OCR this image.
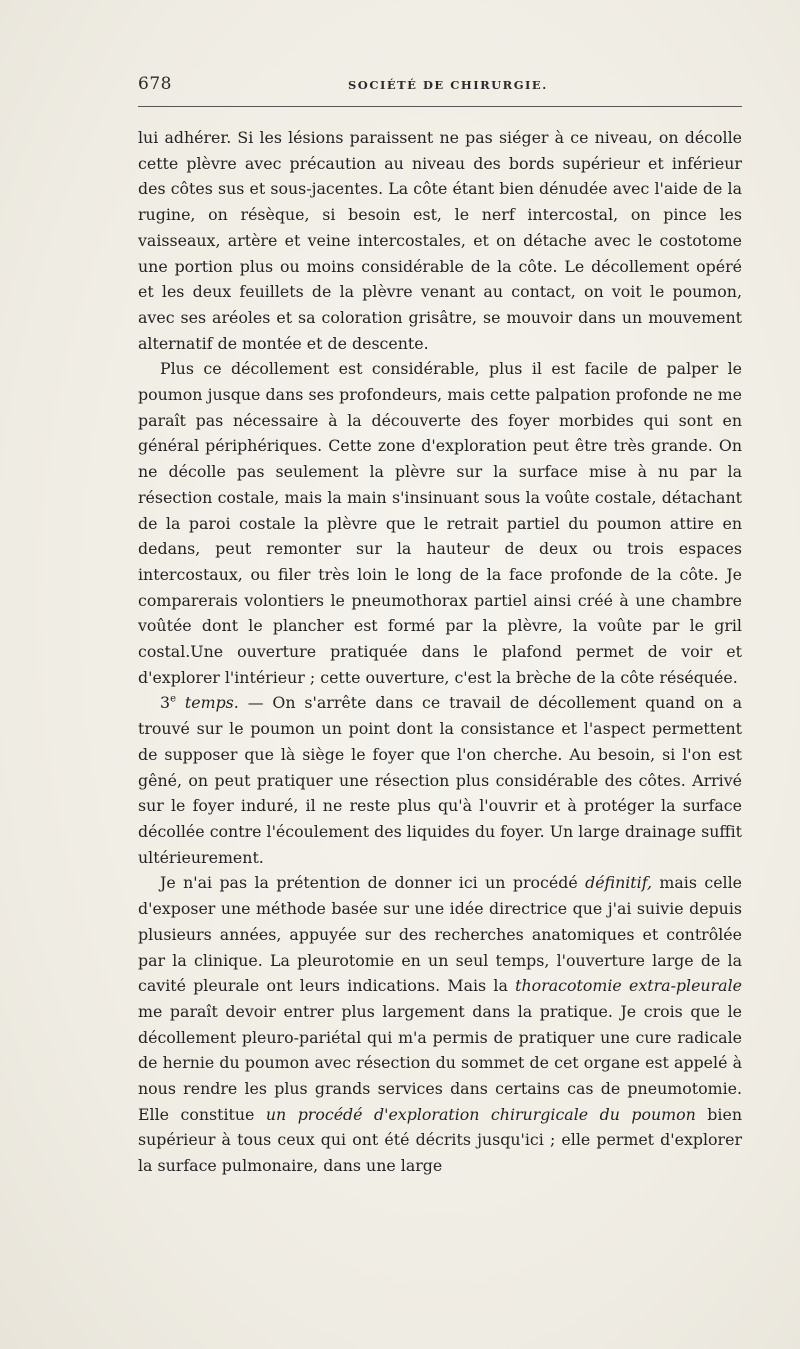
678	SOCIÉTÉ DE CHIRURGIE.

lui adhérer. Si les lésions paraissent ne pas siéger à ce niveau, on décolle cette plèvre avec précaution au niveau des bords supérieur et inférieur des côtes sus et sous-jacentes. La côte étant bien dénudée avec l'aide de la rugine, on résèque, si besoin est, le nerf intercostal, on pince les vaisseaux, artère et veine intercostales, et on détache avec le costotome une portion plus ou moins considérable de la côte. Le décollement opéré et les deux feuillets de la plèvre venant au contact, on voit le poumon, avec ses aréoles et sa coloration grisâtre, se mouvoir dans un mouvement alternatif de montée et de descente.

Plus ce décollement est considérable, plus il est facile de palper le poumon jusque dans ses profondeurs, mais cette palpation profonde ne me paraît pas nécessaire à la découverte des foyer morbides qui sont en général périphériques. Cette zone d'exploration peut être très grande. On ne décolle pas seulement la plèvre sur la surface mise à nu par la résection costale, mais la main s'insinuant sous la voûte costale, détachant de la paroi costale la plèvre que le retrait partiel du poumon attire en dedans, peut remonter sur la hauteur de deux ou trois espaces intercostaux, ou filer très loin le long de la face profonde de la côte. Je comparerais volontiers le pneumothorax partiel ainsi créé à une chambre voûtée dont le plancher est formé par la plèvre, la voûte par le gril costal.Une ouverture pratiquée dans le plafond permet de voir et d'explorer l'intérieur ; cette ouverture, c'est la brèche de la côte réséquée.

3e temps. — On s'arrête dans ce travail de décollement quand on a trouvé sur le poumon un point dont la consistance et l'aspect permettent de supposer que là siège le foyer que l'on cherche. Au besoin, si l'on est gêné, on peut pratiquer une résection plus considérable des côtes. Arrivé sur le foyer induré, il ne reste plus qu'à l'ouvrir et à protéger la surface décollée contre l'écoulement des liquides du foyer. Un large drainage suffit ultérieurement.

Je n'ai pas la prétention de donner ici un procédé définitif, mais celle d'exposer une méthode basée sur une idée directrice que j'ai suivie depuis plusieurs années, appuyée sur des recherches anatomiques et contrôlée par la clinique. La pleurotomie en un seul temps, l'ouverture large de la cavité pleurale ont leurs indications. Mais la thoracotomie extra-pleurale me paraît devoir entrer plus largement dans la pratique. Je crois que le décollement pleuro-pariétal qui m'a permis de pratiquer une cure radicale de hernie du poumon avec résection du sommet de cet organe est appelé à nous rendre les plus grands services dans certains cas de pneumotomie. Elle constitue un procédé d'exploration chirurgicale du poumon bien supérieur à tous ceux qui ont été décrits jusqu'ici ; elle permet d'explorer la surface pulmonaire, dans une large
